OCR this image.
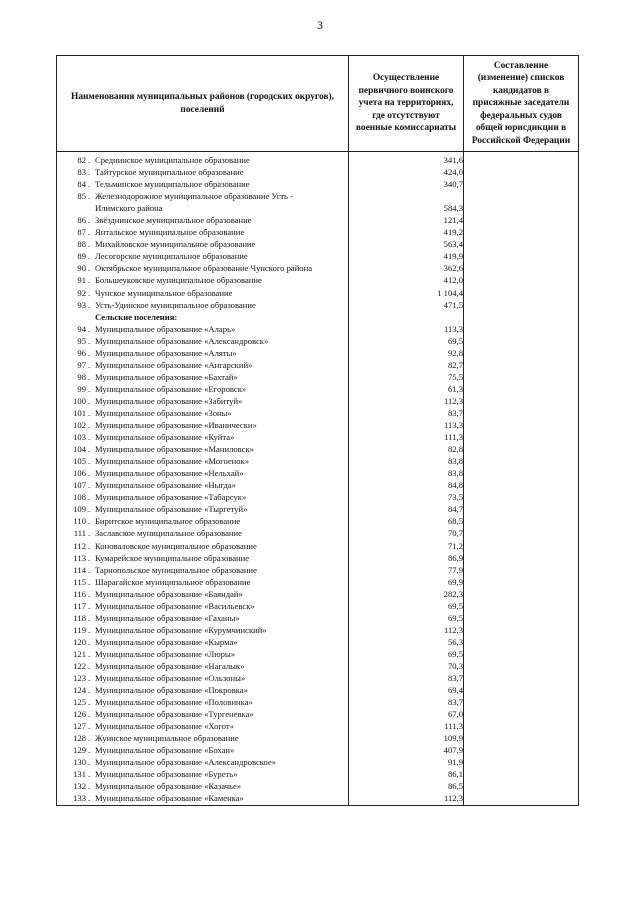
3
Наименования муниципальных районов (городских округов), поселений	Осуществление первичного воинского учета на территориях, где отсутствуют военные комиссариаты	Составление (изменение) списков кандидатов в присяжные заседатели федеральных судов общей юрисдикции в Российской Федерации
82 . Среднинское муниципальное образование	341,6	
83 . Тайтурское муниципальное образование	424,0	
84 . Тельминское муниципальное образование	340,7	
85 . Железнодорожное муниципальное образование Усть -
Илимского района	584,3	
86 . Звёзднинское муниципальное образование	121,4	
87 . Янтальское муниципальное образование	419,2	
88 . Михайловское муниципальное образование	563,4	
89 . Лесогорское муниципальное образование	419,9	
90 . Октябрьское муниципальное образование Чунского района	362,6	
91 . Большеуковское муниципальное образование	412,0	
92 . Чунское муниципальное образование	1 104,4	
93 . Усть-Удинское муниципальное образование	471,5	
Сельские поселения:		
94 . Муниципальное образование «Аларь»	113,3	
95 . Муниципальное образование «Александровск»	69,5	
96 . Муниципальное образование «Аляты»	92,8	
97 . Муниципальное образование «Ангарский»	82,7	
98 . Муниципальное образование «Бахтай»	75,5	
99 . Муниципальное образование «Егоровск»	61,3	
100 . Муниципальное образование «Забитуй»	112,3	
101 . Муниципальное образование «Зоны»	83,7	
102 . Муниципальное образование «Иванически»	113,3	
103 . Муниципальное образование «Куйта»	111,3	
104 . Муниципальное образование «Маниловск»	82,8	
105 . Муниципальное образование «Могоенок»	83,8	
106 . Муниципальное образование «Нельхай»	83,8	
107 . Муниципальное образование «Ныгда»	84,8	
108 . Муниципальное образование «Табарсук»	73,5	
109 . Муниципальное образование «Тыргетуй»	84,7	
110 . Биритское муниципальное образование	68,5	
111 . Заславское муниципальное образование	70,7	
112 . Коноваловское муниципальное образование	71,2	
113 . Кумарейское муниципальное образование	86,9	
114 . Тарнопольское муниципальное образование	77,9	
115 . Шарагайское муниципальное образование	69,9	
116 . Муниципальное образование «Баяндай»	282,3	
117 . Муниципальное образование «Васильевск»	69,5	
118 . Муниципальное образование «Гаханы»	69,5	
119 . Муниципальное образование «Курумчинский»	112,3	
120 . Муниципальное образование «Кырма»	56,3	
121 . Муниципальное образование «Люры»	69,5	
122 . Муниципальное образование «Нагалык»	70,3	
123 . Муниципальное образование «Ользоны»	83,7	
124 . Муниципальное образование «Покровка»	69,4	
125 . Муниципальное образование «Половинка»	83,7	
126 . Муниципальное образование «Тургеневка»	67,0	
127 . Муниципальное образование «Хогот»	111,3	
128 . Жуинское муниципальное образование	109,9	
129 . Муниципальное образование «Бохан»	407,9	
130 . Муниципальное образование «Александровское»	91,9	
131 . Муниципальное образование «Буреть»	86,1	
132 . Муниципальное образование «Казачье»	86,5	
133 . Муниципальное образование «Каменка»	112,3	
